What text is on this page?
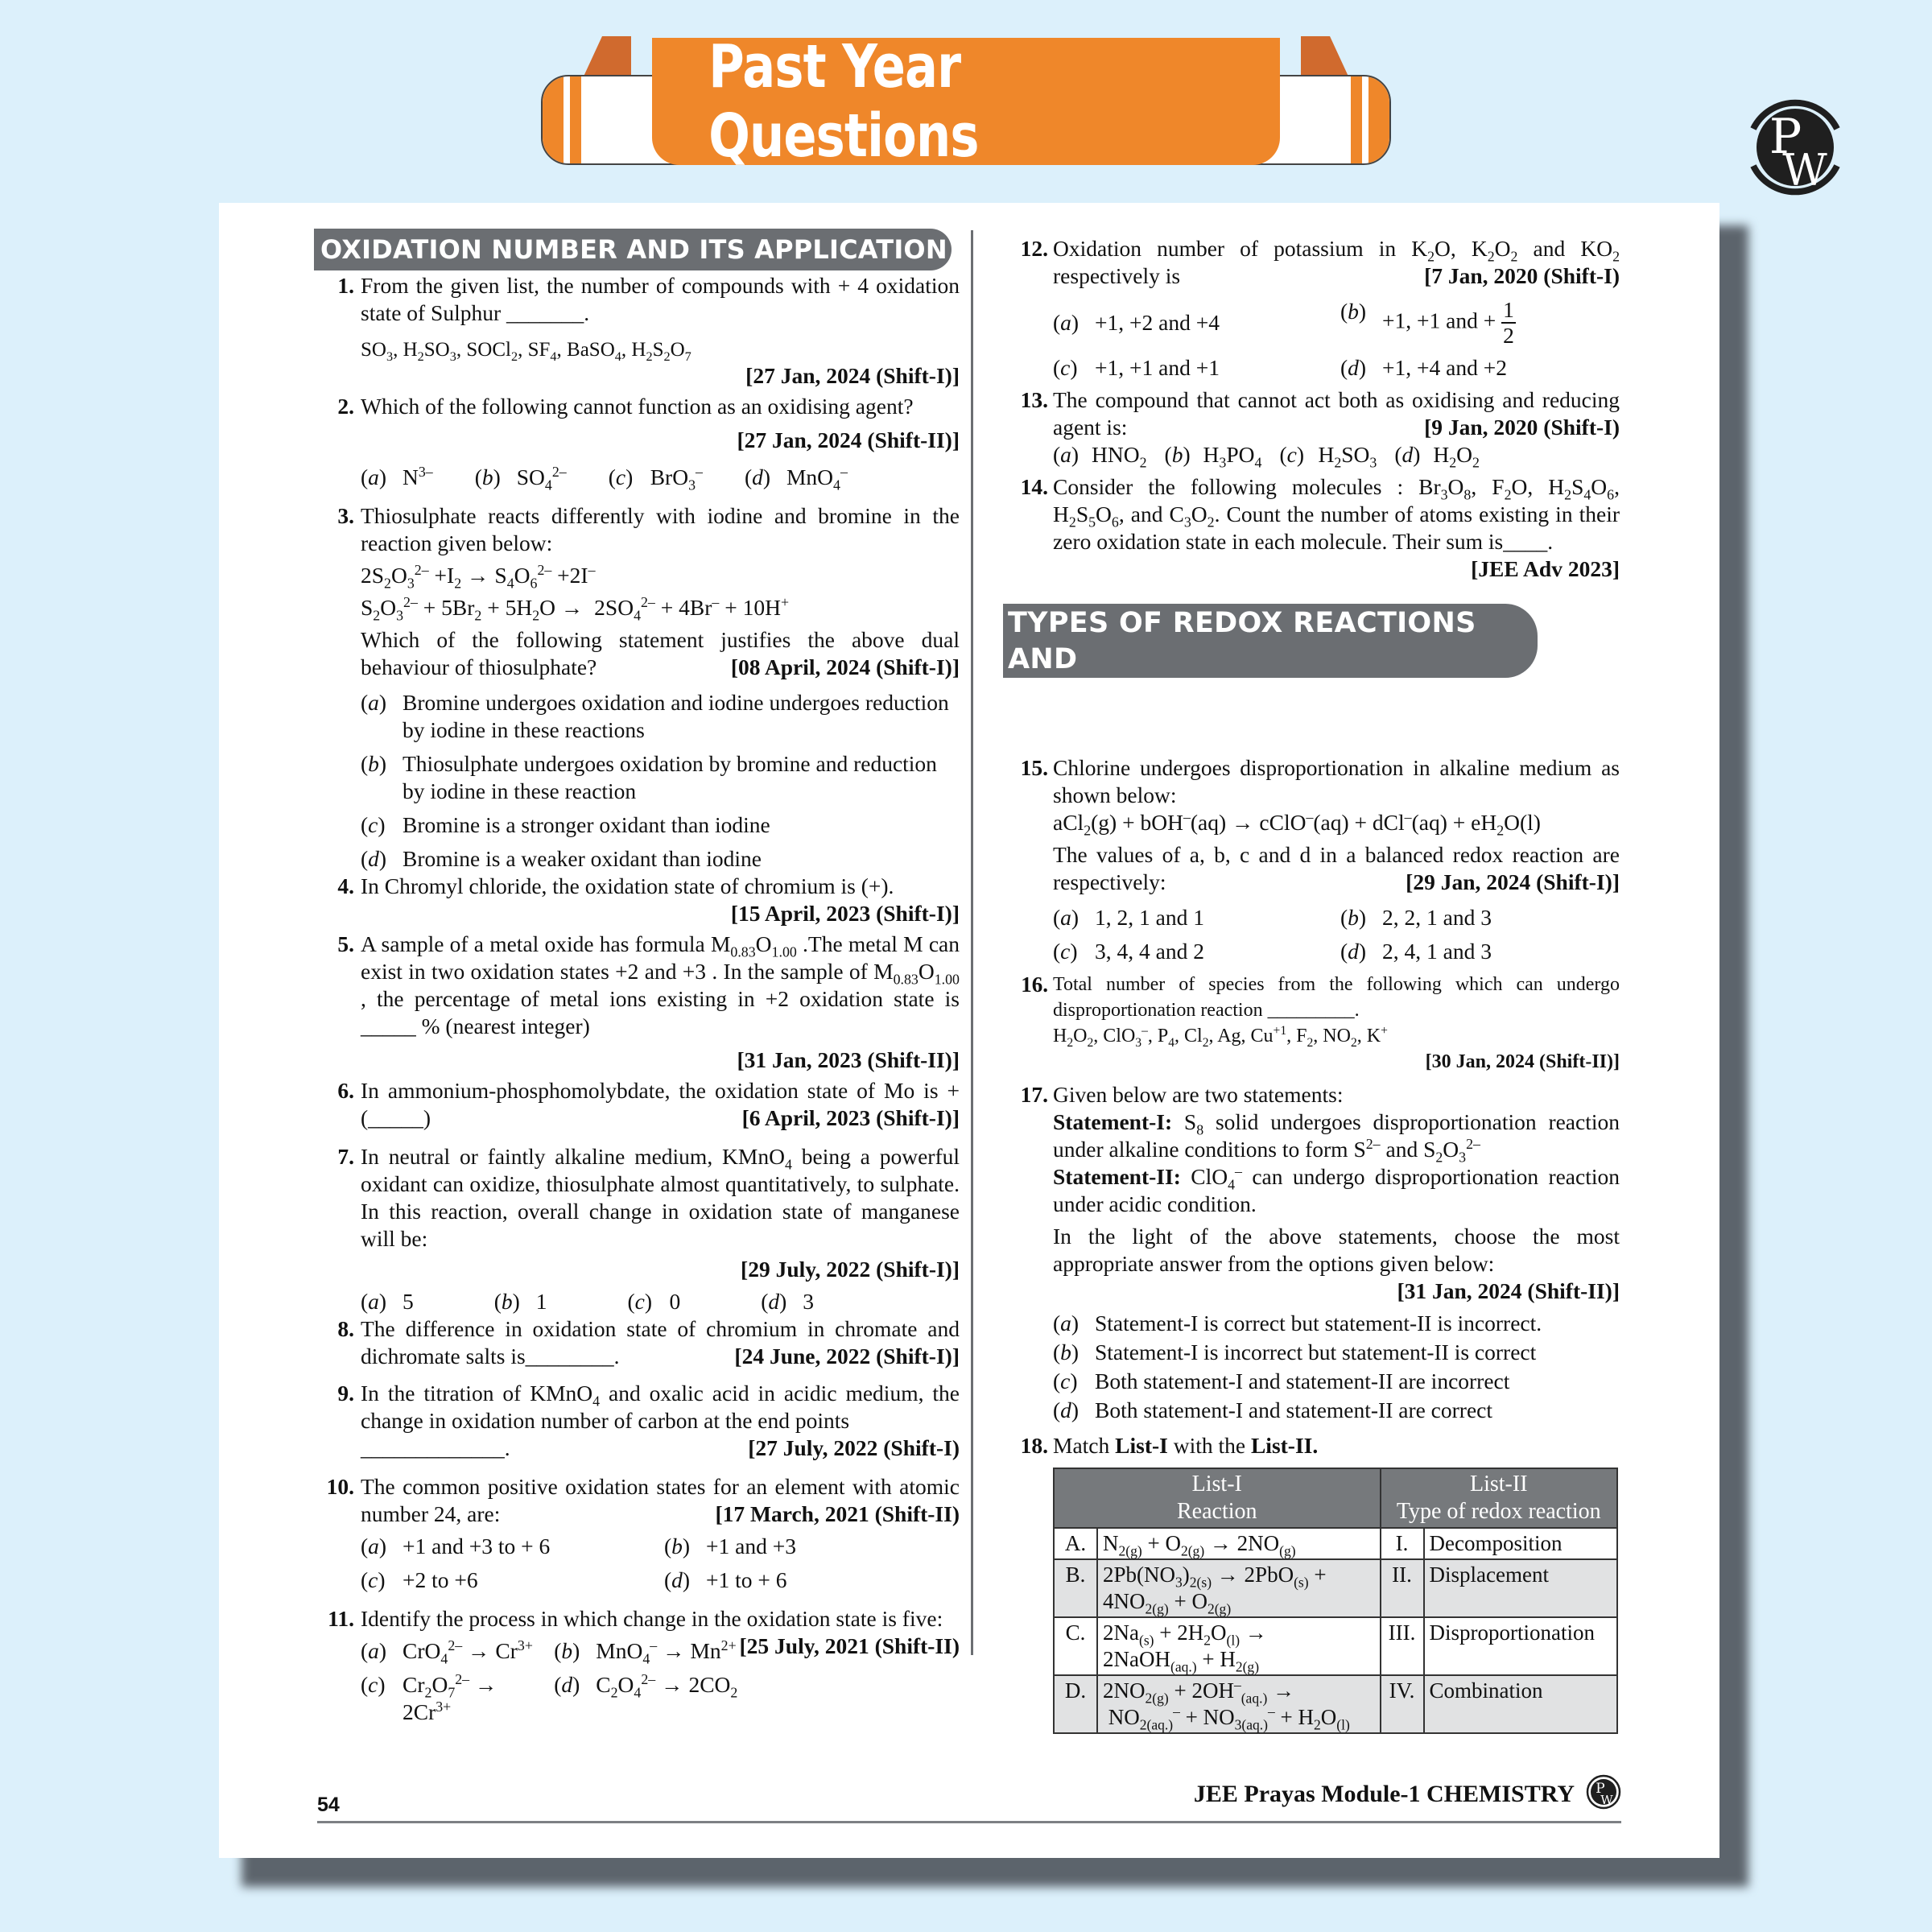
Past Year Questions	P
W
OXIDATION NUMBER AND ITS APPLICATION
1. From the given list, the number of compounds with + 4 oxidation state of Sulphur _______.

$SO_3$, $H_2SO_3$, SOCl$_2$, $SF_4$, BaSO$_4$, $H_2S_2O_7$
[27 Jan, 2024 (Shift-I)]
2. Which of the following cannot function as an oxidising agent?

[27 Jan, 2024 (Shift-II)]
(a) $N^{3-}$ (b) $SO_4^{2-}$ (c) BrO$_3$– (d) MnO$_4$–
3. Thiosulphate reacts differently with iodine and bromine in the reaction given below:

$2S_2O_3^{2-} +I_2 \to S_4O_6^{2-} +2I^-$
$S_2O_3^{2-} + 5Br_2 + 5H_2O \to 2SO_4^{2-} + 4Br^- + 10H^+$

Which of the following statement justifies the above dual behaviour of thiosulphate?	[08 April, 2024 (Shift-I)]

(a) Bromine undergoes oxidation and iodine undergoes reduction by iodine in these reactions
(b) Thiosulphate undergoes oxidation by bromine and reduction by iodine in these reaction
(c) Bromine is a stronger oxidant than iodine
(d) Bromine is a weaker oxidant than iodine
4. In Chromyl chloride, the oxidation state of chromium is (+).

[15 April, 2023 (Shift-I)]
5. A sample of a metal oxide has formula $M_{0.83}O_{1.00}$ .The metal M can exist in two oxidation states +2 and +3 . In the sample of $M_{0.83}O_{1.00}$ , the percentage of metal ions existing in +2 oxidation state is _____ % (nearest integer)

[31 Jan, 2023 (Shift-II)]
6. In ammonium-phosphomolybdate, the oxidation state of Mo is + (_____)	[6 April, 2023 (Shift-I)]

7. In neutral or faintly alkaline medium, KMnO$_4$ being a powerful oxidant can oxidize, thiosulphate almost quantitatively, to sulphate. In this reaction, overall change in oxidation state of manganese will be:

[29 July, 2022 (Shift-I)]
(a) 5	(b) 1	(c) 0	(d) 3
8. The difference in oxidation state of chromium in chromate and dichromate salts is________.	[24 June, 2022 (Shift-I)]

9. In the titration of KMnO$_4$ and oxalic acid in acidic medium, the change in oxidation number of carbon at the end points

_____________.	[27 July, 2022 (Shift-I)

10. The common positive oxidation states for an element with atomic number 24, are:	[17 March, 2021 (Shift-II)

(a) +1 and +3 to + 6	(b) +1 and +3
(c) +2 to +6	(d) +1 to + 6
11. Identify the process in which change in the oxidation state is five:
[25 July, 2021 (Shift-II)

(a) $CrO_4^{2-} \to Cr^{3+}$ (b) $MnO_4^- \to Mn^{2+}$
(c) $Cr_2O_7^{2-} \to 2Cr^{3+}$
(d) $C_2O_4^{2-} \to 2CO_2$
12. Oxidation number of potassium in $K_2O$, $K_2O_2$ and $KO_2$ respectively is	[7 Jan, 2020 (Shift-I)

(a) +1, +2 and +4	(b) +1, +1 and + $\frac{1}{2}$
(c) +1, +1 and +1	(d) +1, +4 and +2
13. The compound that cannot act both as oxidising and reducing agent is:	[9 Jan, 2020 (Shift-I)

(a) $HNO_2$ (b) $H_3PO_4$ (c) $H_2SO_3$ (d) $H_2O_2$
14. Consider the following molecules : $Br_3O_8$, $F_2O$, $H_2S_4O_6$, $H_2S_5O_6$, and $C_3O_2$. Count the number of atoms existing in their zero oxidation state in each molecule. Their sum is____.

[JEE Adv 2023]
TYPES OF REDOX REACTIONS AND
BALANCING OF REDOX REACTIONS
15. Chlorine undergoes disproportionation in alkaline medium as shown below:

aCl$_2$(g) + bOH–(aq) → cClO–(aq) + $dCl^-(aq) + eH_2O(l)$

The values of a, b, c and d in a balanced redox reaction are respectively:	[29 Jan, 2024 (Shift-I)]

(a) 1, 2, 1 and 1	(b) 2, 2, 1 and 3
(c) 3, 4, 4 and 2	(d) 2, 4, 1 and 3
16. Total number of species from the following which can undergo disproportionation reaction _________.

$H_2O_2$, ClO$_3$–, $P_4$, $Cl_2$, Ag, $Cu^{+1}$, $F_2$, $NO_2$, K+
[30 Jan, 2024 (Shift-II)]
17. Given below are two statements:

Statement-I: $S_8$ solid undergoes disproportionation reaction under alkaline conditions to form $S^{2-}$ and $S_2O_3^{2-}$

Statement-II: ClO$_4$– can undergo disproportionation reaction under acidic condition.

In the light of the above statements, choose the most appropriate answer from the options given below:

[31 Jan, 2024 (Shift-II)]
(a) Statement-I is correct but statement-II is incorrect.
(b) Statement-I is incorrect but statement-II is correct
(c) Both statement-I and statement-II are incorrect
(d) Both statement-I and statement-II are correct
18. Match List-I with the List-II.

List-I
Reaction		List-II
Type of redox reaction	
A.	$N_{2(g)} + O_{2(g)} \to 2NO_{(g)}$	I.	Decomposition
B.	$2Pb(NO_3)_{2(s)} \to 2PbO_{(s)}$ +
$4NO_{2(g)} + O_{2(g)}$	II.	Displacement
C.	$2Na_{(s)} + 2H_2O_{(l)}$ →
2NaOH$_{(aq.)}$ + $H_{2(g)}$	III.	Disproportionation
D.	$2NO_{2(g)} + 2OH^-_{(aq.)}$ →
$NO_{2(aq.)}^- + NO_{3(aq.)}^- + H_2O_{(l)}$	IV.	Combination
54	JEE Prayas Module-1 CHEMISTRY P
W
